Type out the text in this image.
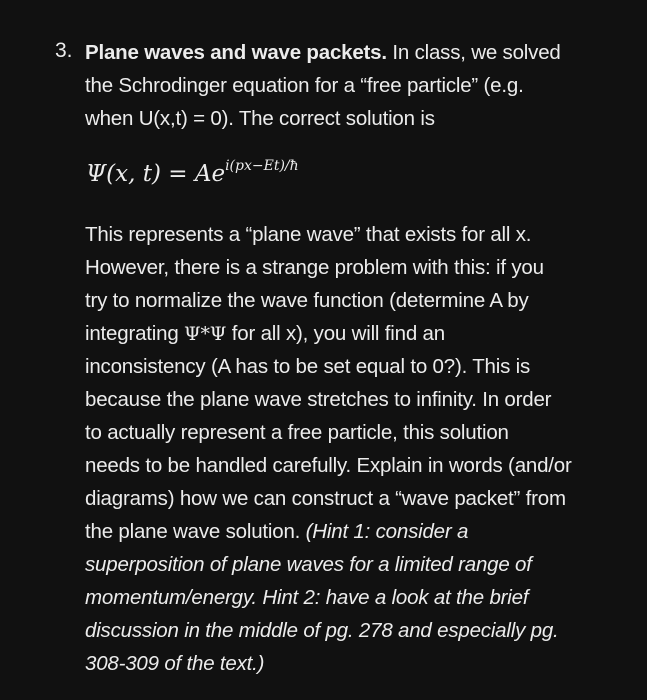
3. Plane waves and wave packets. In class, we solved
the Schrodinger equation for a “free particle” (e.g.
when U(x,t) = 0). The correct solution is
Ψ(x, $t) = Ae^{i(px-Et)/ħ}$
This represents a “plane wave” that exists for all x.
However, there is a strange problem with this: if you
try to normalize the wave function (determine A by
integrating Ψ*Ψ for all x), you will find an
inconsistency (A has to be set equal to 0?). This is
because the plane wave stretches to infinity. In order
to actually represent a free particle, this solution
needs to be handled carefully. Explain in words (and/or
diagrams) how we can construct a “wave packet” from
the plane wave solution. (Hint 1: consider a
superposition of plane waves for a limited range of
momentum/energy. Hint 2: have a look at the brief
discussion in the middle of pg. 278 and especially pg.
308-309 of the text.)
